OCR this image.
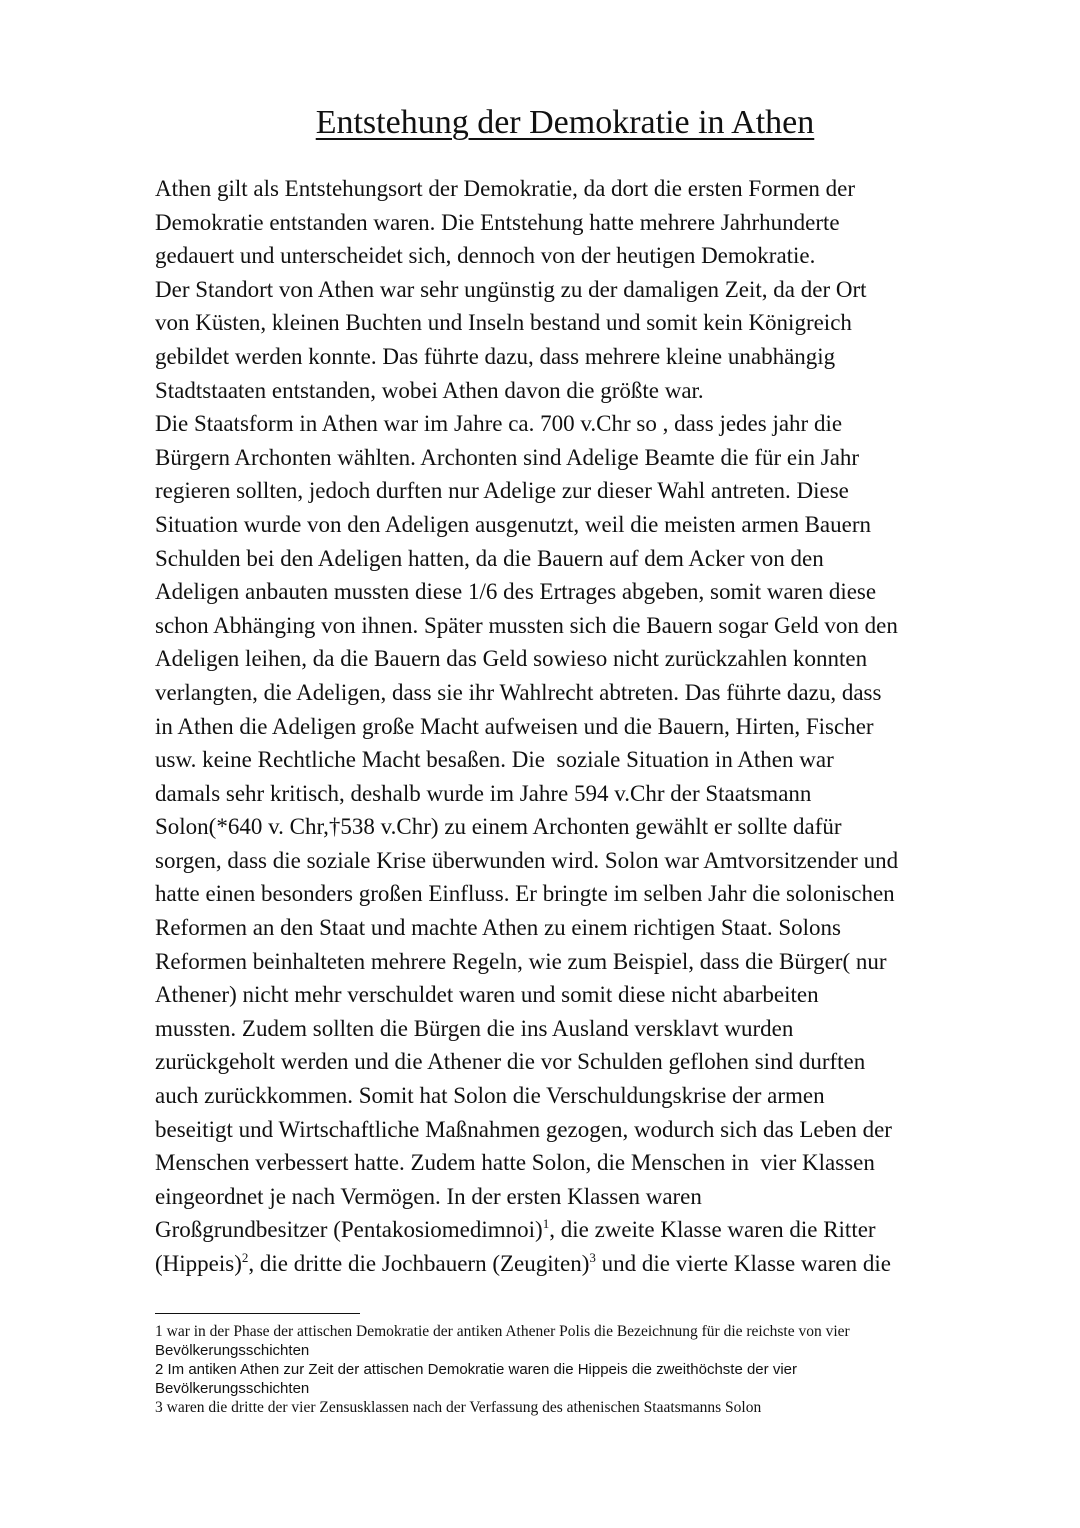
Entstehung der Demokratie in Athen
Athen gilt als Entstehungsort der Demokratie, da dort die ersten Formen der
Demokratie entstanden waren. Die Entstehung hatte mehrere Jahrhunderte
gedauert und unterscheidet sich, dennoch von der heutigen Demokratie.
Der Standort von Athen war sehr ungünstig zu der damaligen Zeit, da der Ort
von Küsten, kleinen Buchten und Inseln bestand und somit kein Königreich
gebildet werden konnte. Das führte dazu, dass mehrere kleine unabhängig
Stadtstaaten entstanden, wobei Athen davon die größte war.
Die Staatsform in Athen war im Jahre ca. 700 v.Chr so , dass jedes jahr die
Bürgern Archonten wählten. Archonten sind Adelige Beamte die für ein Jahr
regieren sollten, jedoch durften nur Adelige zur dieser Wahl antreten. Diese
Situation wurde von den Adeligen ausgenutzt, weil die meisten armen Bauern
Schulden bei den Adeligen hatten, da die Bauern auf dem Acker von den
Adeligen anbauten mussten diese 1/6 des Ertrages abgeben, somit waren diese
schon Abhänging von ihnen. Später mussten sich die Bauern sogar Geld von den
Adeligen leihen, da die Bauern das Geld sowieso nicht zurückzahlen konnten
verlangten, die Adeligen, dass sie ihr Wahlrecht abtreten. Das führte dazu, dass
in Athen die Adeligen große Macht aufweisen und die Bauern, Hirten, Fischer
usw. keine Rechtliche Macht besaßen. Die  soziale Situation in Athen war
damals sehr kritisch, deshalb wurde im Jahre 594 v.Chr der Staatsmann
Solon(*640 v. Chr,†538 v.Chr) zu einem Archonten gewählt er sollte dafür
sorgen, dass die soziale Krise überwunden wird. Solon war Amtvorsitzender und
hatte einen besonders großen Einfluss. Er bringte im selben Jahr die solonischen
Reformen an den Staat und machte Athen zu einem richtigen Staat. Solons
Reformen beinhalteten mehrere Regeln, wie zum Beispiel, dass die Bürger( nur
Athener) nicht mehr verschuldet waren und somit diese nicht abarbeiten
mussten. Zudem sollten die Bürgen die ins Ausland versklavt wurden
zurückgeholt werden und die Athener die vor Schulden geflohen sind durften
auch zurückkommen. Somit hat Solon die Verschuldungskrise der armen
beseitigt und Wirtschaftliche Maßnahmen gezogen, wodurch sich das Leben der
Menschen verbessert hatte. Zudem hatte Solon, die Menschen in  vier Klassen
eingeordnet je nach Vermögen. In der ersten Klassen waren
Großgrundbesitzer (Pentakosiomedimnoi)$^1$, die zweite Klasse waren die Ritter
(Hippeis)$^2$, die dritte die Jochbauern (Zeugiten)$^3$ und die vierte Klasse waren die
1 war in der Phase der attischen Demokratie der antiken Athener Polis die Bezeichnung für die reichste von vier
Bevölkerungsschichten
2 Im antiken Athen zur Zeit der attischen Demokratie waren die Hippeis die zweithöchste der vier
Bevölkerungsschichten
3 waren die dritte der vier Zensusklassen nach der Verfassung des athenischen Staatsmanns Solon
